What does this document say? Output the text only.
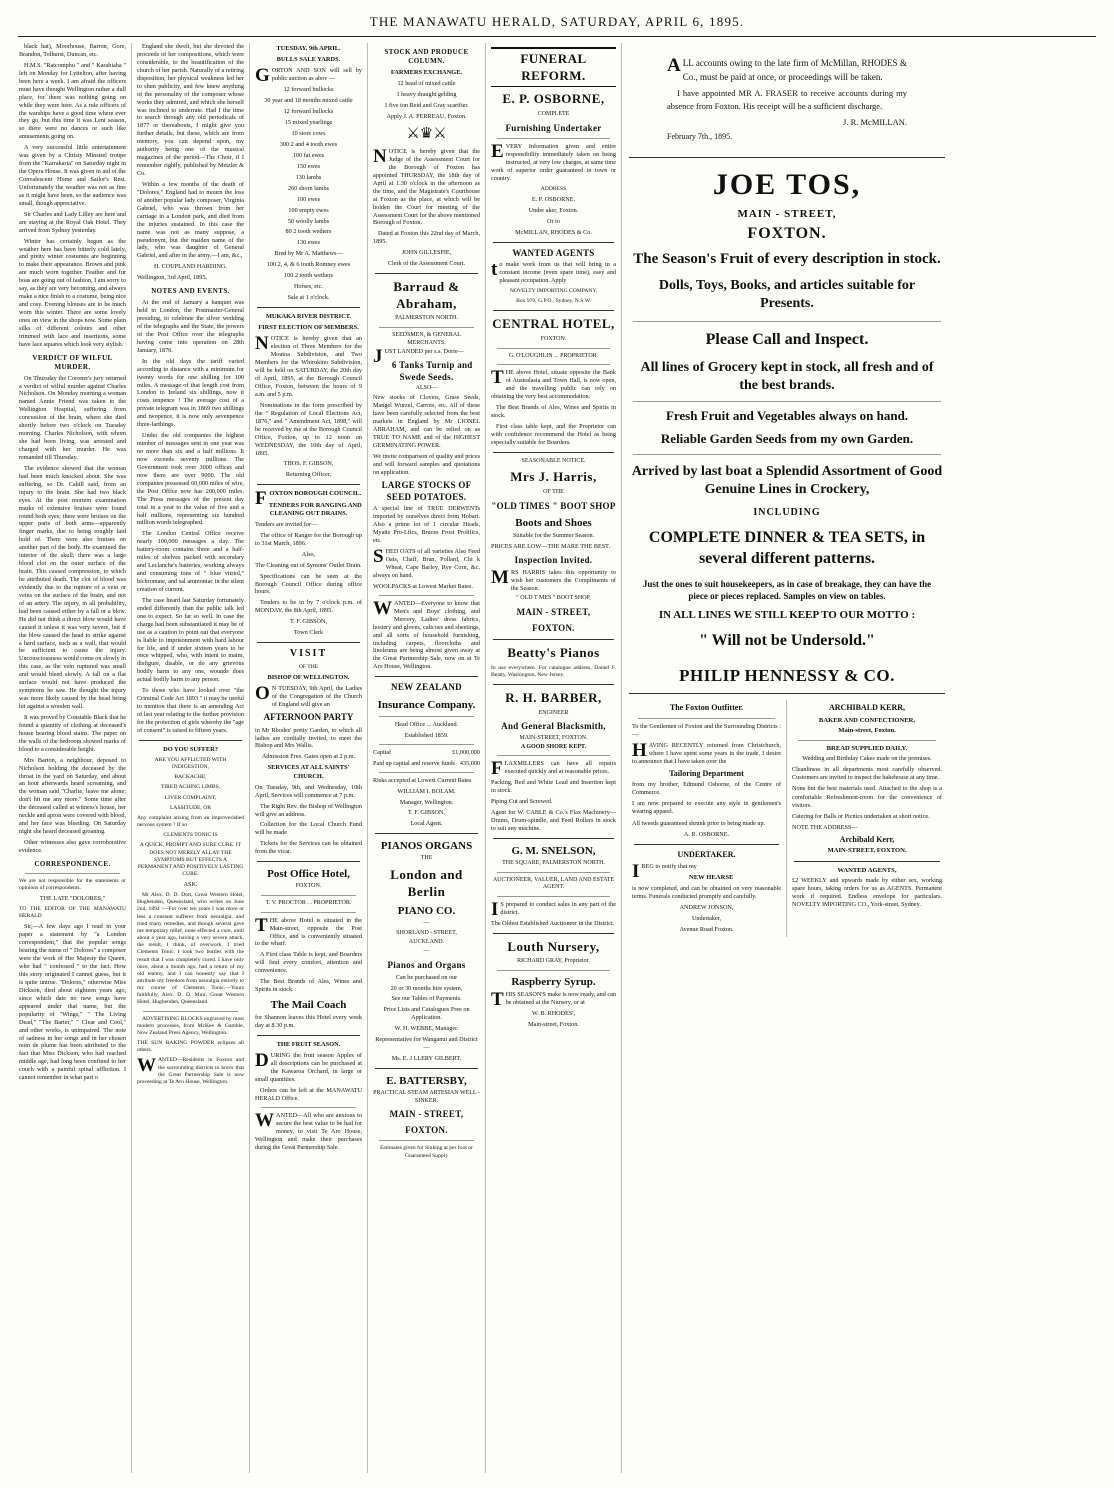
THE MANAWATU HERALD, SATURDAY, APRIL 6, 1895.

black hat), Moorhouse, Barron, Gore, Brandon, Tolhurst, Duncan, etc.

H.M.S. "Ratcomphu " and " Karahiaha " left on Monday for Lyttelton, after having been here a week. I am afraid the officers must have thought Wellington rather a dull place, for there was nothing going on while they were here. As a rule officers of the warships have a good time where ever they go, but this time it was Lent season, so there were no dances or such like amusements going on.

A very successful little entertainment was given by a Christy Minstrel troupe from the "Karrakaria" on Saturday night in the Opera House. It was given in aid of the Convalescent Home and Sailor's Rest. Unfortunately the weather was not as fine as it might have been, so the audience was small, though appreciative.

Sir Charles and Lady Lilley are here and are staying at the Royal Oak Hotel. They arrived from Sydney yesterday.

Winter has certainly begun as the weather here has been bitterly cold lately, and pretty winter costumes are beginning to make their appearance. Brown and pink are much worn together. Feather and fur boas are going out of fashion, I am sorry to say, as they are very becoming, and always make a nice finish to a costume, being nice and cosy. Evening blouses are to be much worn this winter. There are some lovely ones on view in the shops now. Some plain silks of different colours and other trimmed with lace and insertions, some have lace squares which look very stylish.

VERDICT OF WILFUL MURDER.

On Thursday the Coroner's jury returned a verdict of wilful murder against Charles Nicholson. On Monday morning a woman named Annie Friend was taken to the Wellington Hospital, suffering from concussion of the brain, where she died shortly before two o'clock on Tuesday morning. Charles Nicholson, with whom she had been living, was arrested and charged with her murder. He was remanded till Thursday.

The evidence showed that the woman had been much knocked about. She was suffering, so Dr. Cahill said, from an injury to the brain. She had two black eyes. At the post mortem examination marks of extensive bruises were found round both eyes; there were bruises on the upper parts of both arms—apparently finger marks, due to being roughly laid hold of. There were also bruises on another part of the body. He examined the interior of the skull; there was a large blood clot on the outer surface of the brain. This caused compression, to which he attributed death. The clot of blood was evidently due to the rupture of a vein or veins on the surface of the brain, and not of an artery. The injury, in all probability, had been caused either by a fall or a blow. He did not think a direct blow would have caused it unless it was very severe, but if the blow caused the head to strike against a hard surface, such as a wall, that would be sufficient to cause the injury. Unconsciousness would come on slowly in this case, as the vein ruptured was small and would bleed slowly. A fall on a flat surface would not have produced the symptoms he saw. He thought the injury was more likely caused by the head being hit against a wooden wall.

It was proved by Constable Black that he found a quantity of clothing at deceased's house bearing blood stains. The paper on the walls of the bedroom showed marks of blood to a considerable height.

Mrs Barton, a neighbour, deposed to Nicholson holding the deceased by the throat in the yard on Saturday, and about an hour afterwards heard screaming, and the woman said "Charlie, leave me alone; don't hit me any more." Some time after the deceased called at witness's house, her neckle and apron were covered with blood, and her face was bleeding. On Saturday night she heard deceased groaning.

Other witnesses also gave corroborative evidence.

CORRESPONDENCE.

We are not responsible for the statements or opinions of correspondents.

THE LATE "DOLORES,"

TO THE EDITOR OF THE MANAWATU HERALD

Sir,—A few days ago I read in your paper a statement by "a London correspondent," that the popular songs bearing the name of " Dolores" a composer were the work of Her Majesty the Queen, who had " confessed " to the fact. How this story originated I cannot guess, but it is quite untrue. "Dolores," otherwise Miss Dickson, died about eighteen years ago, since which date no new songs have appeared under that name, but the popularity of "Wings," " The Living Dead," "The Barter," " Clear and Cool," and other works, is unimpaired. The note of sadness in her songs and in her chosen nom de plume has been attributed to the fact that Miss Dickson, who had reached middle age, had long been confined to her couch with a painful spinal affliction. I cannot remember in what part o

England she dwelt, but she devoted the proceeds of her compositions, which were considerable, to the beautification of the church of her parish. Naturally of a retiring disposition, her physical weakness led her to shun publicity, and few knew anything of the personality of the composer whose works they admired, and which she herself was inclined to underrate. Had I the time to search through any old periodicals of 1877 or thereabouts, I might give you further details, but these, which are from memory, you can depend upon, my authority being one of the musical magazines of the period—The Choir, if I remember rightly, published by Metzler & Co.

Within a few months of the death of "Dolores," England had to mourn the loss of another popular lady composer, Virginia Gabriel, who was thrown from her carriage in a London park, and died from the injuries sustained. In this case the name was not as many suppose, a pseudonym, but the maiden name of the lady, who was daughter of General Gabriel, and after in the army.—I am, &c.,

H. COUPLAND HARDING.

Wellington, 3rd April, 1895.

NOTES AND EVENTS.

At the end of January a banquet was held in London, the Postmaster-General presiding, to celebrate the silver wedding of the telegraphs and the State, the powers of the Post Office over the telegraphs having come into operation on 28th January, 1870.

In the old days the tariff varied according to distance with a minimum for twenty words for one shilling for 100 miles. A message of that length cost from London to Ireland six shillings, now it costs tenpence ! The average cost of a private telegram was in 1869 two shillings and twopence, it is now only sevenpence three-farthings.

Under the old companies the highest number of messages sent in one year was no more than six and a half millions. It now exceeds seventy millions. The Government took over 3000 offices and now there are over 9000. The old companies possessed 60,000 miles of wire, the Post Office now has 200,000 miles. The Press messages of the present day total in a year to the value of five and a half millions, representing six hundred million words telegraphed.

The London Central Office receive nearly 100,000 messages a day. The battery-room contains three and a half-miles of shelves packed with secondary and Leclanche's batteries, working always and consuming tons of " blue vitriol," bichromate, and sal ammoniac in the silent creation of current.

The case heard last Saturday fortunately ended differently than the public talk led one to expect. So far so well. In case the charge had been substantiated it may be of use as a caution to point out that everyone is liable to imprisonment with hard labour for life, and if under sixteen years to be once whipped, who, with intent to maim, disfigure, disable, or do any grievous bodily harm to any one, wounds does actual bodily harm to any person.

To those who have looked over "the Criminal Code Act 1893 " it may be useful to mention that there is an amending Act of last year relating to the further provision for the protection of girls whereby the "age of consent" is raised to fifteen years.

DO YOU SUFFER?

ARE YOU AFFLICTED WITH INDIGESTION,

BACKACHE,

TIRED ACHING LIMBS,

LIVER COMPLAINT,

LASSITUDE, OR

Any complaint arising from an improverished nervous system ? If so

CLEMENTS TONIC IS

A QUICK, PROMPT AND SURE CURE. IT DOES NOT MERELY ALLAY THE SYMPTOMS BUT EFFECTS A PERMANENT AND POSITIVELY LASTING CURE.

ASK.

Mr Alex. D. D. Dott, Great Western Hotel, Hughenden, Queensland, who writes on June 2nd, 1894 :—For over ten years I was more or less a constant sufferer from neuralgia, and tried many remedies, and though several gave me temporary relief, none effected a cure, until about a year ago, having a very severe attack, the result, I think, of overwork. I tried Clements Tonic. I took two bottles with the result that I was completely cured. I have only once, about a month ago, had a return of my old enemy, and I can honestly say that I attribute my freedom from neuralgia entirely to my course of Clements Tonic.—Yours faithfully, Alex. D. D. Muir, Great Western Hotel, Hughenden, Queensland.

ADVERTISING BLOCKS engraved by most modern processes, from McKee & Gamble, Now Zealand Press Agency, Wellington.

THE SUN BAKING POWDER eclipses all others.

WANTED—Residents in Foxton and the surrounding districts to know that the Great Partnership Sale is now proceeding at Te Aro House, Wellington.

TUESDAY, 9th APRIL.
BULLS SALE YARDS.

GORTON AND SON will sell by public auction as abov —

12 forward bullocks

30 year and 18 months mixed cattle

12 forward bullocks

15 mixed yearlings

10 store cows

300 2 and 4 tooth ewes

100 fat ewes

150 ewes

130 lambs

260 shorn lambs

100 ewes

100 empty ewes

50 woolly lambs

80 2 tooth wethers

130 ewes

Bred by Mr A. Matthews—

100 2, 4, & 6 tooth Romney ewes

100 2 tooth wethers

Horses, etc.

Sale at 1 o'clock.

MUKAKA RIVER DISTRICT.
FIRST ELECTION OF MEMBERS.

NOTICE is hereby given that an election of Three Members for the Moutoa Subdivision, and Two Members for the Whirokino Subdivision, will be held on SATURDAY, the 20th day of April, 1895, at the Borough Council Office, Foxton, between the hours of 9 a.m. and 5 p.m.

Nominations in the form prescribed by the " Regulation of Local Elections Act, 1876," and " Amendment Act, 1898," will be received by me at the Borough Council Office, Foxton, up to 12 noon on WEDNESDAY, the 10th day of April, 1895.

THOS. F. GIBSON,

Returning Officer.

FOXTON BOROUGH COUNCIL.
TENDERS FOR RANGING AND CLEANING OUT DRAINS.

Tenders are invited for—

The office of Ranger for the Borough up to 31st March, 1896.

Also,

The Cleaning out of Symons' Outlet Drain.

Specifications can be seen at the Borough Council Office during office hours.

Tenders to be in by 7 o'clock p.m. of MONDAY, the 8th April, 1895.

T. F. GIBSON,

Town Clerk

VISIT

OF THE

BISHOP OF WELLINGTON.

ON TUESDAY, 9th April, the Ladies of the Congregation of the Church of England will give an

AFTERNOON PARTY

in Mr Rhodes' pretty Garden, to which all ladies are cordially invited, to meet the Bishop and Mrs Wallis.

Admission Free. Gates open at 2 p.m.

SERVICES AT ALL SAINTS' CHURCH.

On Tuesday, 9th, and Wednesday, 10th April, Services will commence at 7 p.m.

The Right Rev. the Bishop of Wellington will give an address.

Collection for the Local Church Fund will be made

Tickets for the Services can be obtained from the vicar.

Post Office Hotel,
FOXTON.
T. V. PROCTOR . . PROPRIETOR.

THE above Hotel is situated in the Main-street, opposite the Post Office, and is conveniently situated to the wharf.

A First class Table is kept, and Boarders will find every comfort, attention and convenience.

The Best Brands of Ales, Wines and Spirits in stock.

The Mail Coach

for Shannon leaves this Hotel every week day at 8.30 p.m.

THE FRUIT SEASON.

DURING the fruit season Apples of all descriptions can be purchased at the Kawaroa Orchard, in large or small quantities.

Orders can be left at the MANAWATU HERALD Office.

WANTED—All who are anxious to secure the best value to be had for money, to visit Te Aro House, Wellington and make their purchases during the Great Partnership Sale.

STOCK AND PRODUCE COLUMN.
FARMERS EXCHANGE.

12 head of mixed cattle

1 heavy draught gelding

1 five ton Reid and Gray scarifier.

Apply J. A. PERREAU, Foxton.

⚔♛⚔

NOTICE is hereby given that the Judge of the Assessment Court for the Borough of Foxton has appointed THURSDAY, the 18th day of April at 1.30 o'clock in the afternoon as the time, and the Magistrate's Courthouse at Foxton as the place, at which will be holden the Court for meeting of the Assessment Court for the above mentioned Borough of Foxton.

Dated at Foxton this 22nd day of March, 1895.

JOHN GILLESPIE,

Clerk of the Assessment Court.

Barraud & Abraham,
PALMERSTON NORTH.
SEEDSMEN, & GENERAL MERCHANTS.

JUST LANDED per s.s. Dorie—

6 Tanks Turnip and Swede Seeds.
ALSO—

New stocks of Clovers, Grass Seeds, Mangel Wurzel, Carrots, etc. All of these have been carefully selected from the best markets in England by Mr LIONEL ABRAHAM, and can be relied on as TRUE TO NAME and of the HIGHEST GERMINATING POWER.

We invite comparison of quality and prices and will forward samples and quotations on application.

LARGE STOCKS OF SEED POTATOES.

A special line of TRUE DERWENTs imported by ourselves direct from Hobart. Also a prime lot of 1 circular Heads, Myatts Pro-Lfics, Bruces Frost Prolifics, etc.

SHED OATS of all varieties Also Feed Oats, Chaff, Bran, Pollard, Chi k Wheat, Cape Barley, Rye Corn, &c. always on hand.

WOOLPACKS at Lowest Market Rates.

WANTED—Everyone to know that Men's and Boys' clothing, and Mercery, Ladies' dress fabrics, hosiery and gloves, calicoes and sheetings, and all sorts of household furnishing, including carpets, floorcloths and linoleums are being almost given away at the Great Partnership Sale, now on at Te Aro House, Wellington.

NEW ZEALAND
Insurance Company.

Head Office ... Auckland.

Established 1859.

Capital	£1,000,000

Paid up capital and reserve funds 435,000

Risks accepted at Lowest Current Rates

WILLIAM I. BOLAM.

Manager, Wellington.

T. F. GIBSON,

Local Agent.

PIANOS ORGANS
THE
London and Berlin
PIANO CO.
—
SHORLAND - STREET,
AUCKLAND.
—
Pianos and Organs

Can be purchased on our

20 or 30 months hire system,

See our Tables of Payments.

Price Lists and Catalogues Free on Application.

W. H. WEBBE, Manager.

Representative for Wanganui and District—

Ms. E. J LLERY GILBERT.

E. BATTERSBY,
PRACTICAL STEAM ARTESIAN WELL - SINKER.
MAIN - STREET,
FOXTON.

Estimates given for Sinking at per foot or Guaranteed Supply

FUNERAL REFORM.
E. P. OSBORNE,
COMPLETE
Furnishing Undertaker

EVERY Information given and entire responsibility immediately taken on being instructed, at very low charges, at same time work of superior order guaranteed in town or country.

ADDRESS

E. P. OSBORNE.

Under aker, Foxton.

Or to

McMILLAN, RHODES & Co.

WANTED AGENTS

to make work from us that will bring in a constant income (even spare time), easy and pleasant occupation. Apply

NOVELTY IMPORTING COMPANY,

Box 976, G.P.O., Sydney, N.S.W.

CENTRAL HOTEL,
FOXTON.
G. O'LOUGHLIN ... PROPRIETOR.

THE above Hotel, situate opposite the Bank of Australasia and Town Hall, is now open, and the travelling public can rely on obtaining the very best accommodation.

The Best Brands of Ales, Wines and Spirits in stock.

First class table kept, and the Proprietor can with confidence recommend the Hotel as being especially suitable for Boarders.

SEASONABLE NOTICE.
Mrs J. Harris,
OF THE
"OLD TIMES " BOOT SHOP
Boots and Shoes

Suitable for the Summer Season.

PRICES ARE LOW—THE MARE THE BEST.

Inspection Invited.

MRS HARRIS takes this opportunity to wish her customers the Compliments of the Season.

" OLD T MES " BOOT SHOP,
MAIN - STREET,
FOXTON.
Beatty's Pianos

In use everywhere. For catalogue address, Daniel F. Beatty, Washington, New Jersey.

R. H. BARBER,
ENGINEER
And General Blacksmith,
MAIN-STREET, FOXTON.
A GOOD SHORE KEPT.

FLAXMILLERS can have all repairs executed quickly and at reasonable prices.

Packing, Red and White Lead and Insertion kept in stock.

Piping Cut and Screwed.

Agent for W. CABLE & Co.'s Flax Machinery—Drums, Drum-spindle, and Feed Rollers in stock to suit any machine.

G. M. SNELSON,
THE SQUARE, PALMERSTON NORTH.
AUCTIONEER, VALUER, LAND AND ESTATE AGENT.

IS prepared to conduct sales in any part of the district.

The Oldest Established Auctioneer in the District.

Louth Nursery,
RICHARD GRAY, Proprietor.
Raspberry Syrup.

THIS SEASON'S make is now ready, and can be obtained at the Nursery, or at

W. B. RHODES',

Main-street, Foxton.

ALL accounts owing to the late firm of McMillan, RHODES & Co., must be paid at once, or proceedings will be taken.

I have appointed MR A. FRASER to receive accounts during my absence from Foxton. His receipt will be a sufficient discharge.

J. R. McMILLAN.

February 7th., 1895.

JOE TOS,
MAIN - STREET,
FOXTON.
The Season's Fruit of every description in stock.
Dolls, Toys, Books, and articles suitable for Presents.
Please Call and Inspect.
All lines of Grocery kept in stock, all fresh and of the best brands.
Fresh Fruit and Vegetables always on hand.
Reliable Garden Seeds from my own Garden.
Arrived by last boat a Splendid Assortment of Good Genuine Lines in Crockery,
INCLUDING
COMPLETE DINNER & TEA SETS, in several different patterns.
Just the ones to suit housekeepers, as in case of breakage, they can have the piece or pieces replaced. Samples on view on tables.
IN ALL LINES WE STILL KEEP TO OUR MOTTO :
" Will not be Undersold."
PHILIP HENNESSY & CO.
The Foxton Outfitter.

To the Gentlemen of Foxton and the Surrounding Districts :—

HAVING RECENTLY returned from Christchurch, where I have spent some years in the trade, I desire to announce that I have taken over the

Tailoring Department

from my brother, Edmund Osborne, of the Centre of Commerce.

I am now prepared to execute any style in gentlemen's wearing apparel.

All tweeds guaranteed shrunk prior to being made up.

A. R. OSBORNE.

UNDERTAKER.

IBEG to notify that my

NEW HEARSE

is now completed, and can be obtained on very reasonable terms. Funerals conducted promptly and carefully.

ANDREW JONSON,

Undertaker,

Avenue Road Foxton.

ARCHIBALD KERR,
BAKER AND CONFECTIONER,
Main-street, Foxton.
BREAD SUPPLIED DAILY.

Wedding and Birthday Cakes made on the premises.

Cleanliness in all departments most carefully observed. Customers are invited to inspect the bakehouse at any time.

None but the best materials used. Attached to the shop is a comfortable Refreshment-room for the convenience of visitors.

Catering for Balls or Picnics undertaken at short notice.

NOTE THE ADDRESS—

Archibald Kerr,
MAIN-STREET, FOXTON.
WANTED AGENTS,

£2 WEEKLY and upwards made by either sex, working spare hours, taking orders for us as AGENTS. Permanent work if required. Endless envelope for particulars. NOVELTY IMPORTING CO., York-street, Sydney.
